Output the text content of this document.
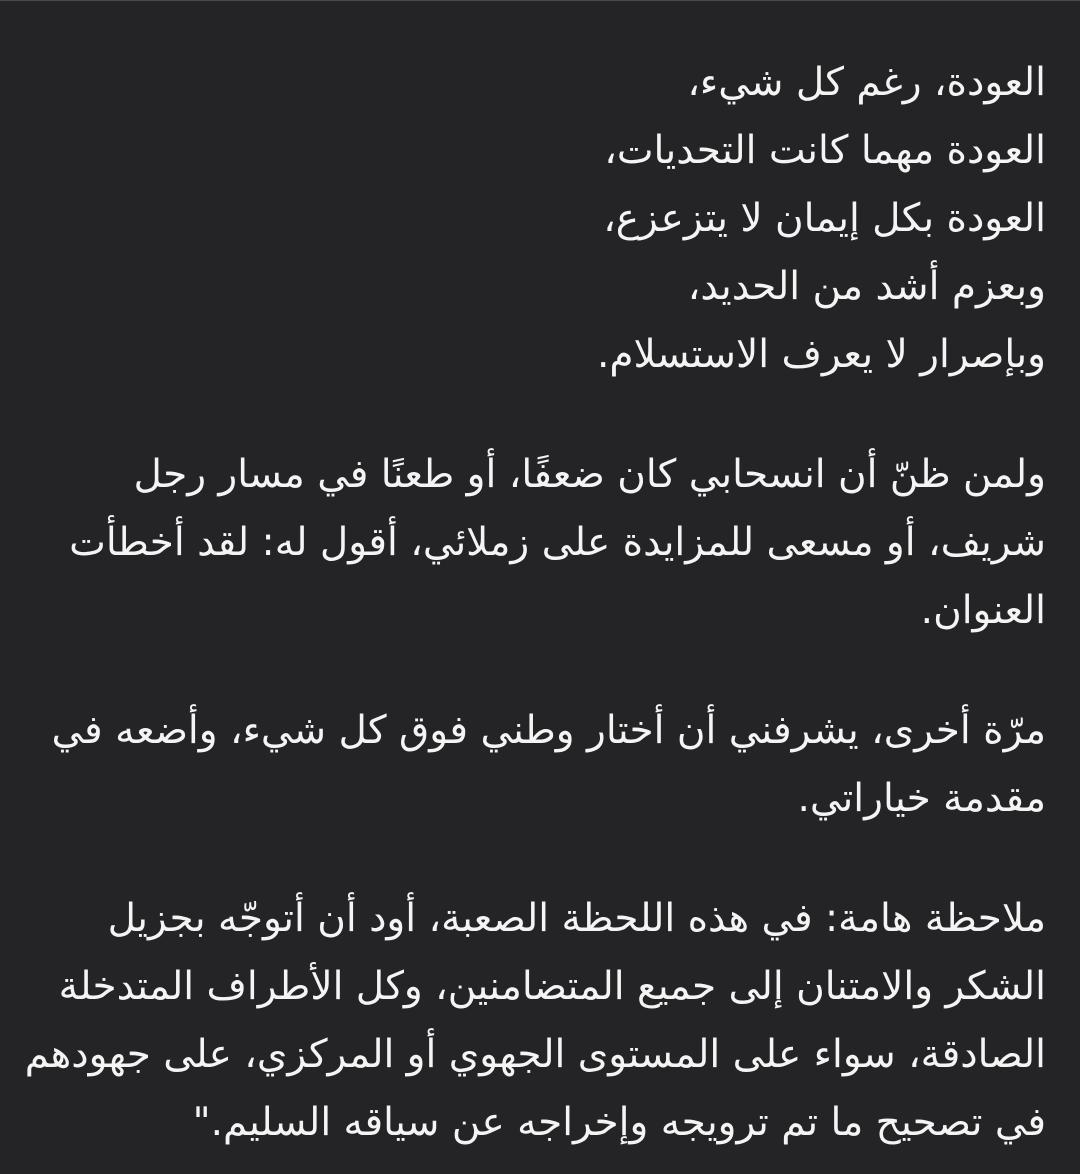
العودة، رغم كل شيء،
العودة مهما كانت التحديات،
العودة بكل إيمان لا يتزعزع،
وبعزم أشد من الحديد،
وبإصرار لا يعرف الاستسلام.
ولمن ظنّ أن انسحابي كان ضعفًا، أو طعنًا في مسار رجل
شريف، أو مسعى للمزايدة على زملائي، أقول له: لقد أخطأت
العنوان.
مرّة أخرى، يشرفني أن أختار وطني فوق كل شيء، وأضعه في
مقدمة خياراتي.
ملاحظة هامة: في هذه اللحظة الصعبة، أود أن أتوجّه بجزيل
الشكر والامتنان إلى جميع المتضامنين، وكل الأطراف المتدخلة
الصادقة، سواء على المستوى الجهوي أو المركزي، على جهودهم
في تصحيح ما تم ترويجه وإخراجه عن سياقه السليم."
